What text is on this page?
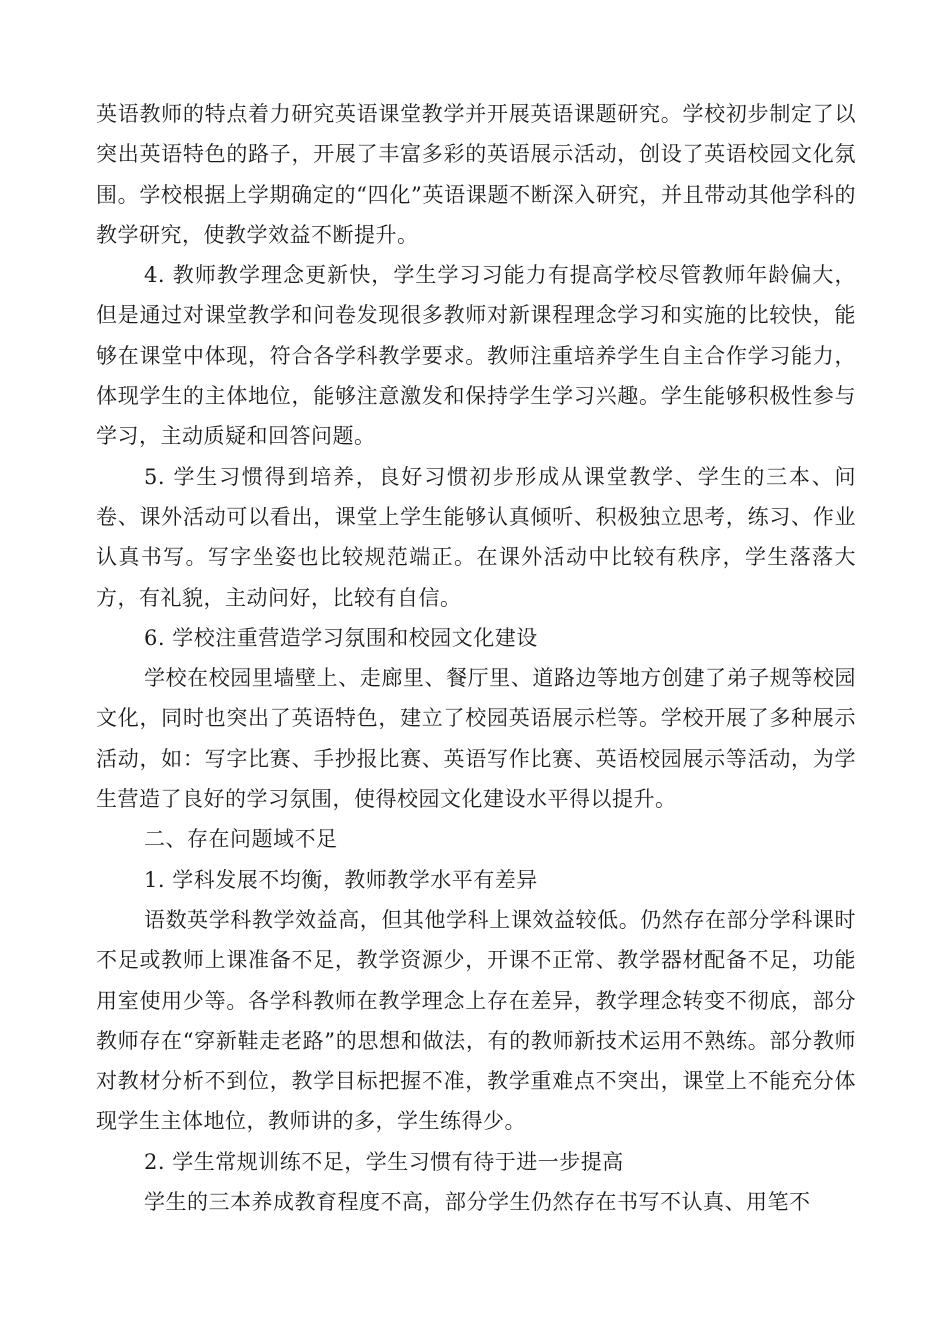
英语教师的特点着力研究英语课堂教学并开展英语课题研究。学校初步制定了以突出英语特色的路子，开展了丰富多彩的英语展示活动，创设了英语校园文化氛围。学校根据上学期确定的“四化”英语课题不断深入研究，并且带动其他学科的教学研究，使教学效益不断提升。

4. 教师教学理念更新快，学生学习习能力有提高学校尽管教师年龄偏大，但是通过对课堂教学和问卷发现很多教师对新课程理念学习和实施的比较快，能够在课堂中体现，符合各学科教学要求。教师注重培养学生自主合作学习能力，体现学生的主体地位，能够注意激发和保持学生学习兴趣。学生能够积极性参与学习，主动质疑和回答问题。

5. 学生习惯得到培养，良好习惯初步形成从课堂教学、学生的三本、问卷、课外活动可以看出，课堂上学生能够认真倾听、积极独立思考，练习、作业认真书写。写字坐姿也比较规范端正。在课外活动中比较有秩序，学生落落大方，有礼貌，主动问好，比较有自信。

6. 学校注重营造学习氛围和校园文化建设

学校在校园里墙壁上、走廊里、餐厅里、道路边等地方创建了弟子规等校园文化，同时也突出了英语特色，建立了校园英语展示栏等。学校开展了多种展示活动，如：写字比赛、手抄报比赛、英语写作比赛、英语校园展示等活动，为学生营造了良好的学习氛围，使得校园文化建设水平得以提升。

二、存在问题域不足

1. 学科发展不均衡，教师教学水平有差异

语数英学科教学效益高，但其他学科上课效益较低。仍然存在部分学科课时不足或教师上课准备不足，教学资源少，开课不正常、教学器材配备不足，功能用室使用少等。各学科教师在教学理念上存在差异，教学理念转变不彻底，部分教师存在“穿新鞋走老路”的思想和做法，有的教师新技术运用不熟练。部分教师对教材分析不到位，教学目标把握不准，教学重难点不突出，课堂上不能充分体现学生主体地位，教师讲的多，学生练得少。

2. 学生常规训练不足，学生习惯有待于进一步提高

学生的三本养成教育程度不高，部分学生仍然存在书写不认真、用笔不
